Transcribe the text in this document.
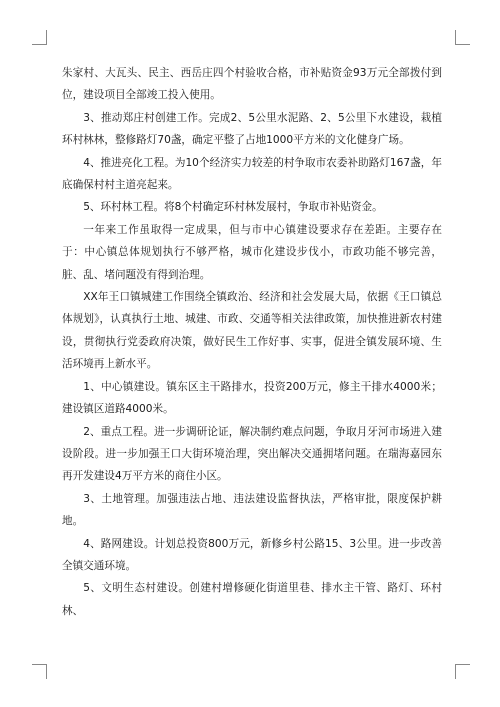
朱家村、大瓦头、民主、西岳庄四个村验收合格，市补贴资金93万元全部拨付到位，建设项目全部竣工投入使用。

3、推动郑庄村创建工作。完成2、5公里水泥路、2、5公里下水建设，栽植环村林林，整修路灯70盏，确定平整了占地1000平方米的文化健身广场。

4、推进亮化工程。为10个经济实力较差的村争取市农委补助路灯167盏，年底确保村村主道亮起来。

5、环村林工程。将8个村确定环村林发展村，争取市补贴资金。

一年来工作虽取得一定成果，但与市中心镇建设要求存在差距。主要存在于：中心镇总体规划执行不够严格，城市化建设步伐小，市政功能不够完善，脏、乱、堵问题没有得到治理。

XX年王口镇城建工作围绕全镇政治、经济和社会发展大局，依据《王口镇总体规划》，认真执行土地、城建、市政、交通等相关法律政策，加快推进新农村建设，贯彻执行党委政府决策，做好民生工作好事、实事，促进全镇发展环境、生活环境再上新水平。

1、中心镇建设。镇东区主干路排水，投资200万元，修主干排水4000米；建设镇区道路4000米。

2、重点工程。进一步调研论证，解决制约难点问题，争取月牙河市场进入建设阶段。进一步加强王口大街环境治理，突出解决交通拥堵问题。在瑞海嘉园东再开发建设4万平方米的商住小区。

3、土地管理。加强违法占地、违法建设监督执法，严格审批，限度保护耕地。

4、路网建设。计划总投资800万元，新修乡村公路15、3公里。进一步改善全镇交通环境。

5、文明生态村建设。创建村增修硬化街道里巷、排水主干管、路灯、环村林、
